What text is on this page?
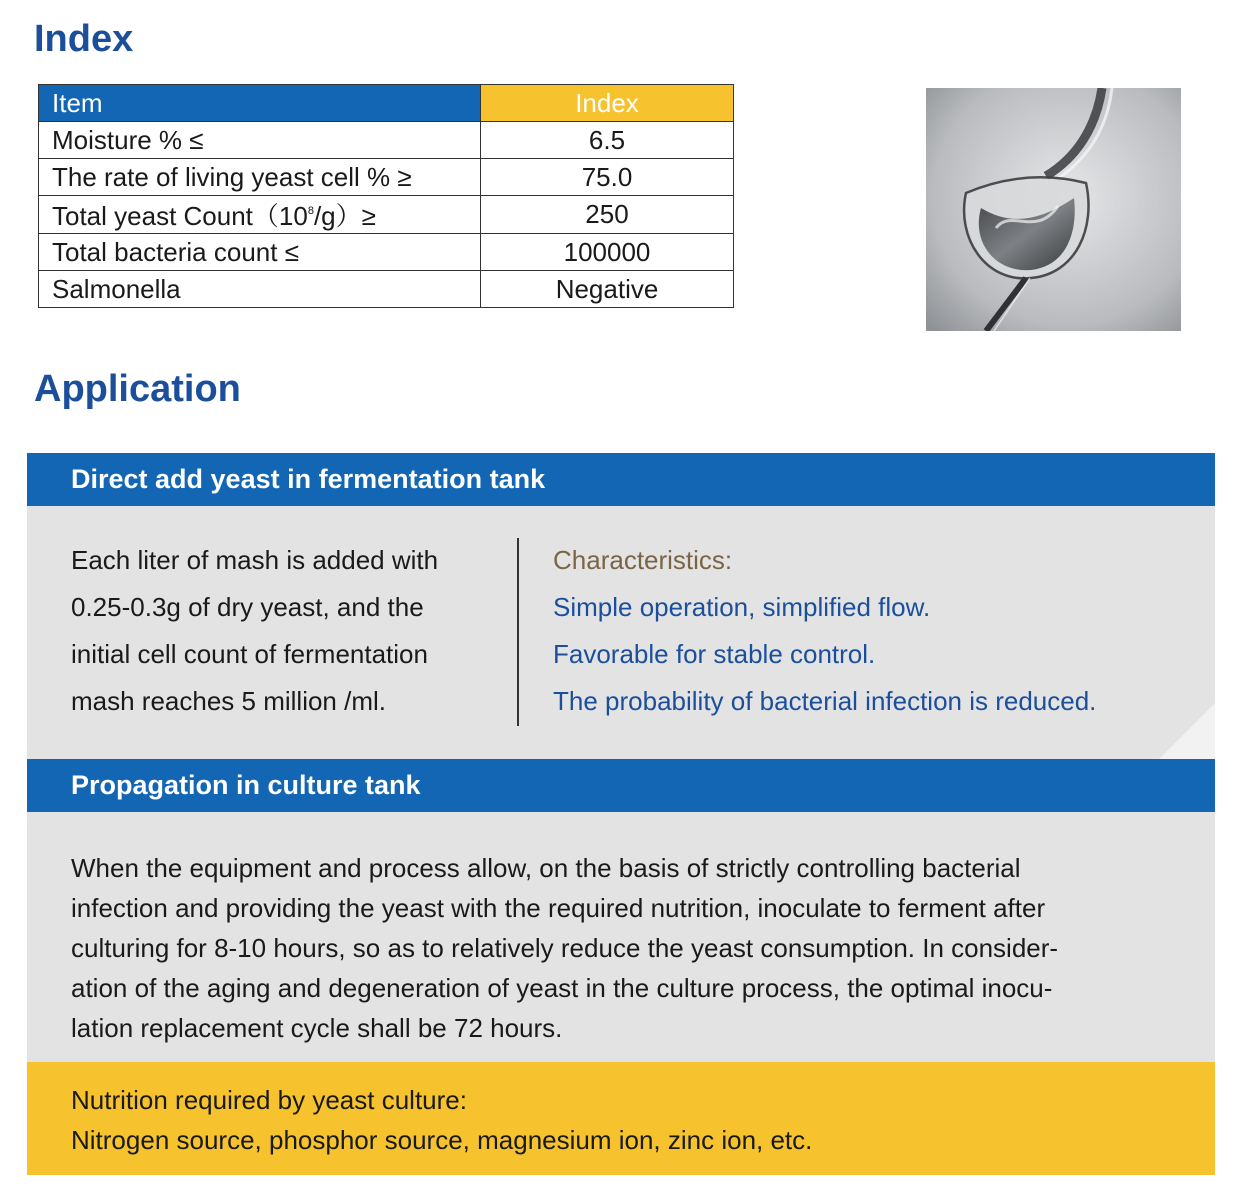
Index
Item	Index
Moisture % ≤	6.5
The rate of living yeast cell % ≥	75.0
Total yeast $Count(10^8/g)\ge$	250
Total bacteria count ≤	100000
Salmonella	Negative
Application
Direct add yeast in fermentation tank
Each liter of mash is added with
0.25-0.3g of dry yeast, and the
initial cell count of fermentation
mash reaches 5 million /ml.
Characteristics:
Simple operation, simplified flow.
Favorable for stable control.
The probability of bacterial infection is reduced.
Propagation in culture tank
When the equipment and process allow, on the basis of strictly controlling bacterial
infection and providing the yeast with the required nutrition, inoculate to ferment after
culturing for 8-10 hours, so as to relatively reduce the yeast consumption. In consider-
ation of the aging and degeneration of yeast in the culture process, the optimal inocu-
lation replacement cycle shall be 72 hours.
Nutrition required by yeast culture:
Nitrogen source, phosphor source, magnesium ion, zinc ion, etc.
